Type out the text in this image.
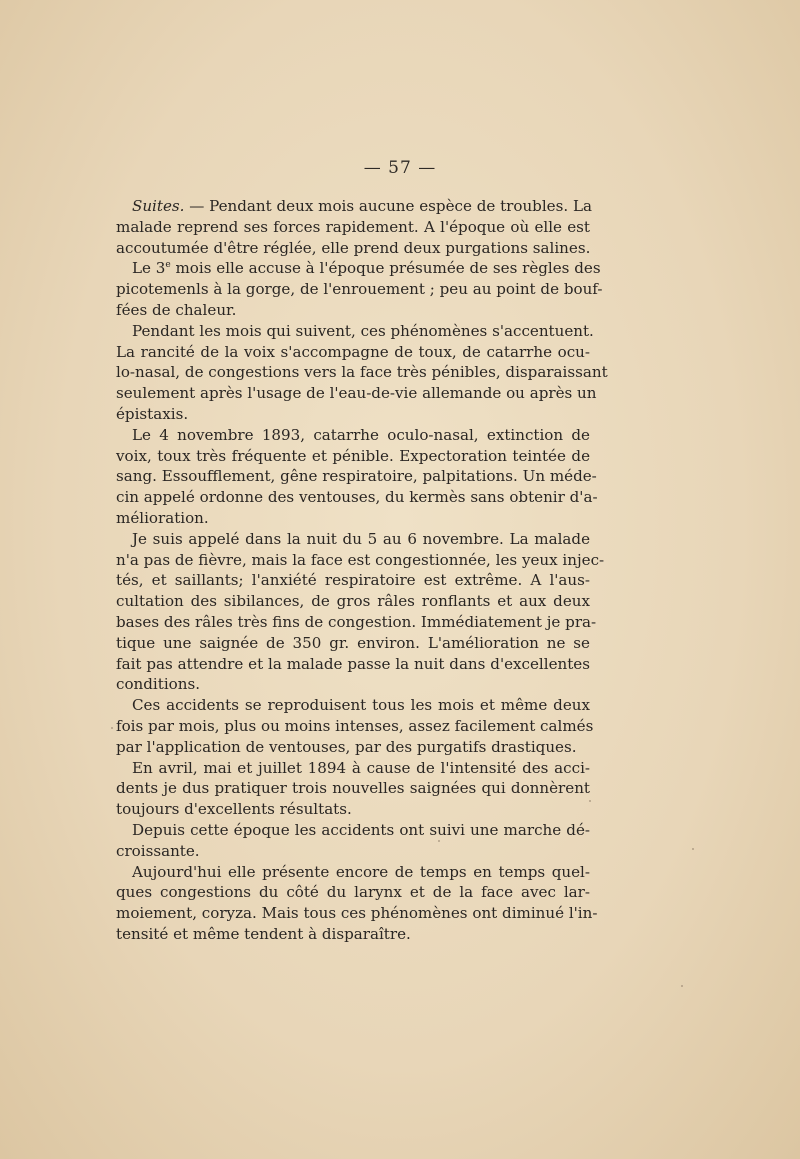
— 57 —
Suites. — Pendant deux mois aucune espèce de troubles. La
malade reprend ses forces rapidement. A l'époque où elle est
accoutumée d'être réglée, elle prend deux purgations salines.
Le 3e mois elle accuse à l'époque présumée de ses règles des
picotemenls à la gorge, de l'enrouement ; peu au point de bouf-
fées de chaleur.
Pendant les mois qui suivent, ces phénomènes s'accentuent.
La rancité de la voix s'accompagne de toux, de catarrhe ocu-
lo-nasal, de congestions vers la face très pénibles, disparaissant
seulement après l'usage de l'eau-de-vie allemande ou après un
épistaxis.
Le 4 novembre 1893, catarrhe oculo-nasal, extinction de
voix, toux très fréquente et pénible. Expectoration teintée de
sang. Essoufflement, gêne respiratoire, palpitations. Un méde-
cin appelé ordonne des ventouses, du kermès sans obtenir d'a-
mélioration.
Je suis appelé dans la nuit du 5 au 6 novembre. La malade
n'a pas de fièvre, mais la face est congestionnée, les yeux injec-
tés, et saillants; l'anxiété respiratoire est extrême. A l'aus-
cultation des sibilances, de gros râles ronflants et aux deux
bases des râles très fins de congestion. Immédiatement je pra-
tique une saignée de 350 gr. environ. L'amélioration ne se
fait pas attendre et la malade passe la nuit dans d'excellentes
conditions.
Ces accidents se reproduisent tous les mois et même deux
fois par mois, plus ou moins intenses, assez facilement calmés
par l'application de ventouses, par des purgatifs drastiques.
En avril, mai et juillet 1894 à cause de l'intensité des acci-
dents je dus pratiquer trois nouvelles saignées qui donnèrent
toujours d'excellents résultats.
Depuis cette époque les accidents ont suivi une marche dé-
croissante.
Aujourd'hui elle présente encore de temps en temps quel-
ques congestions du côté du larynx et de la face avec lar-
moiement, coryza. Mais tous ces phénomènes ont diminué l'in-
tensité et même tendent à disparaître.
